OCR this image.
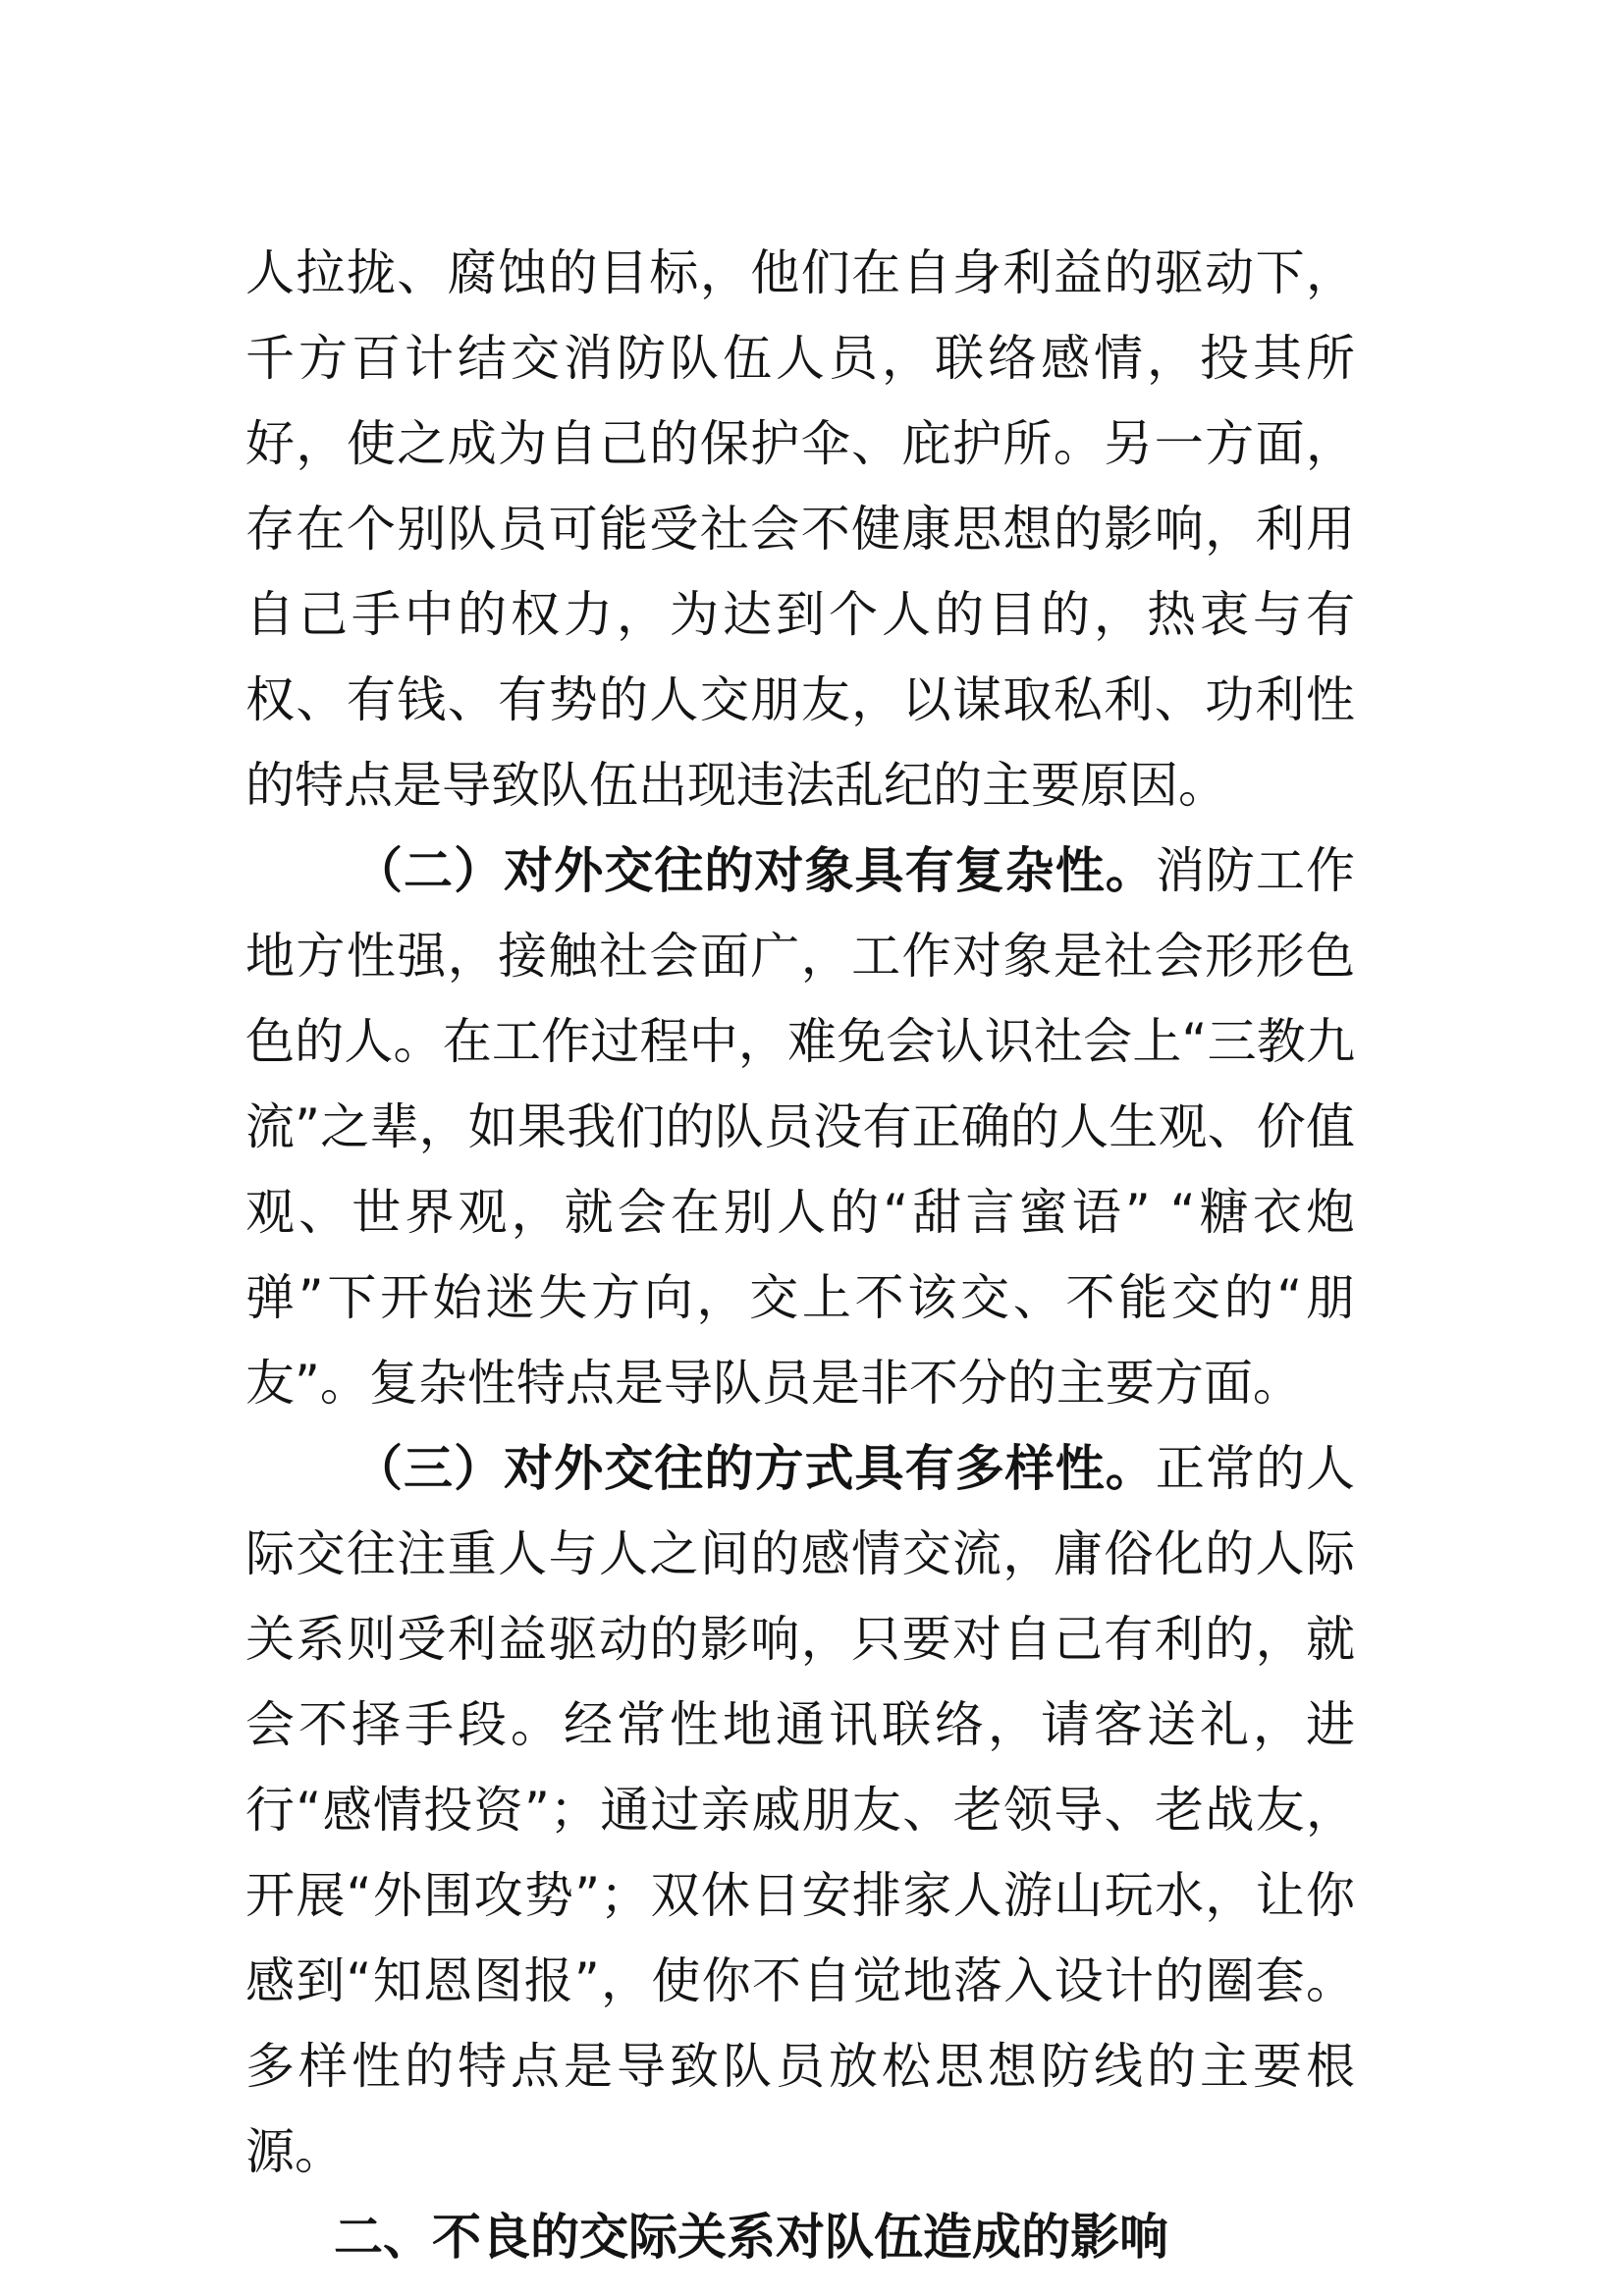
人拉拢、腐蚀的目标，他们在自身利益的驱动下，千方百计结交消防队伍人员，联络感情，投其所好，使之成为自己的保护伞、庇护所。另一方面，存在个别队员可能受社会不健康思想的影响，利用自己手中的权力，为达到个人的目的，热衷与有权、有钱、有势的人交朋友，以谋取私利、功利性的特点是导致队伍出现违法乱纪的主要原因。

（二）对外交往的对象具有复杂性。消防工作地方性强，接触社会面广，工作对象是社会形形色色的人。在工作过程中，难免会认识社会上“三教九流”之辈，如果我们的队员没有正确的人生观、价值观、世界观，就会在别人的“甜言蜜语” “糖衣炮弹”下开始迷失方向，交上不该交、不能交的“朋友”。复杂性特点是导队员是非不分的主要方面。

（三）对外交往的方式具有多样性。正常的人际交往注重人与人之间的感情交流，庸俗化的人际关系则受利益驱动的影响，只要对自己有利的，就会不择手段。经常性地通讯联络，请客送礼，进行“感情投资”；通过亲戚朋友、老领导、老战友，开展“外围攻势”；双休日安排家人游山玩水，让你感到“知恩图报”，使你不自觉地落入设计的圈套。多样性的特点是导致队员放松思想防线的主要根源。

二、不良的交际关系对队伍造成的影响
